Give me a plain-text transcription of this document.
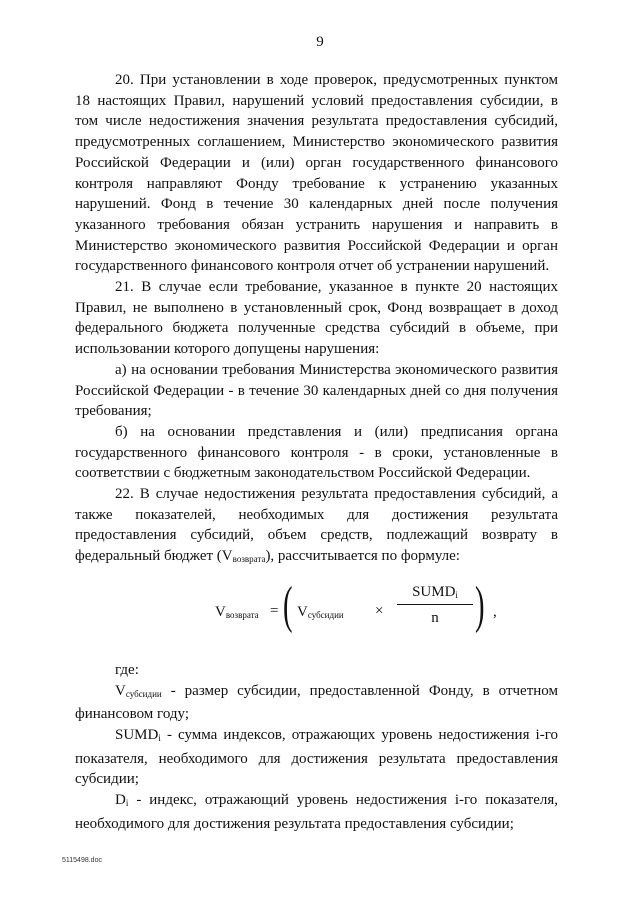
9

20. При установлении в ходе проверок, предусмотренных пунктом 18 настоящих Правил, нарушений условий предоставления субсидии, в том числе недостижения значения результата предоставления субсидий, предусмотренных соглашением, Министерство экономического развития Российской Федерации и (или) орган государственного финансового контроля направляют Фонду требование к устранению указанных нарушений. Фонд в течение 30 календарных дней после получения указанного требования обязан устранить нарушения и направить в Министерство экономического развития Российской Федерации и орган государственного финансового контроля отчет об устранении нарушений.

21. В случае если требование, указанное в пункте 20 настоящих Правил, не выполнено в установленный срок, Фонд возвращает в доход федерального бюджета полученные средства субсидий в объеме, при использовании которого допущены нарушения:

а) на основании требования Министерства экономического развития Российской Федерации - в течение 30 календарных дней со дня получения требования;

б) на основании представления и (или) предписания органа государственного финансового контроля - в сроки, установленные в соответствии с бюджетным законодательством Российской Федерации.

22. В случае недостижения результата предоставления субсидий, а также показателей, необходимых для достижения результата предоставления субсидий, объем средств, подлежащий возврату в федеральный бюджет $(V_{возврата})$, рассчитывается по формуле:

$V_{возврата}$ = ( $V_{субсидии}$ ×
$SUMD_i$
n ) ,

где:

$V_{субсидии}$ - размер субсидии, предоставленной Фонду, в отчетном финансовом году;

$SUMD_i$ - сумма индексов, отражающих уровень недостижения i-го показателя, необходимого для достижения результата предоставления субсидии;

$D_i$ - индекс, отражающий уровень недостижения i-го показателя, необходимого для достижения результата предоставления субсидии;

5115498.doc
